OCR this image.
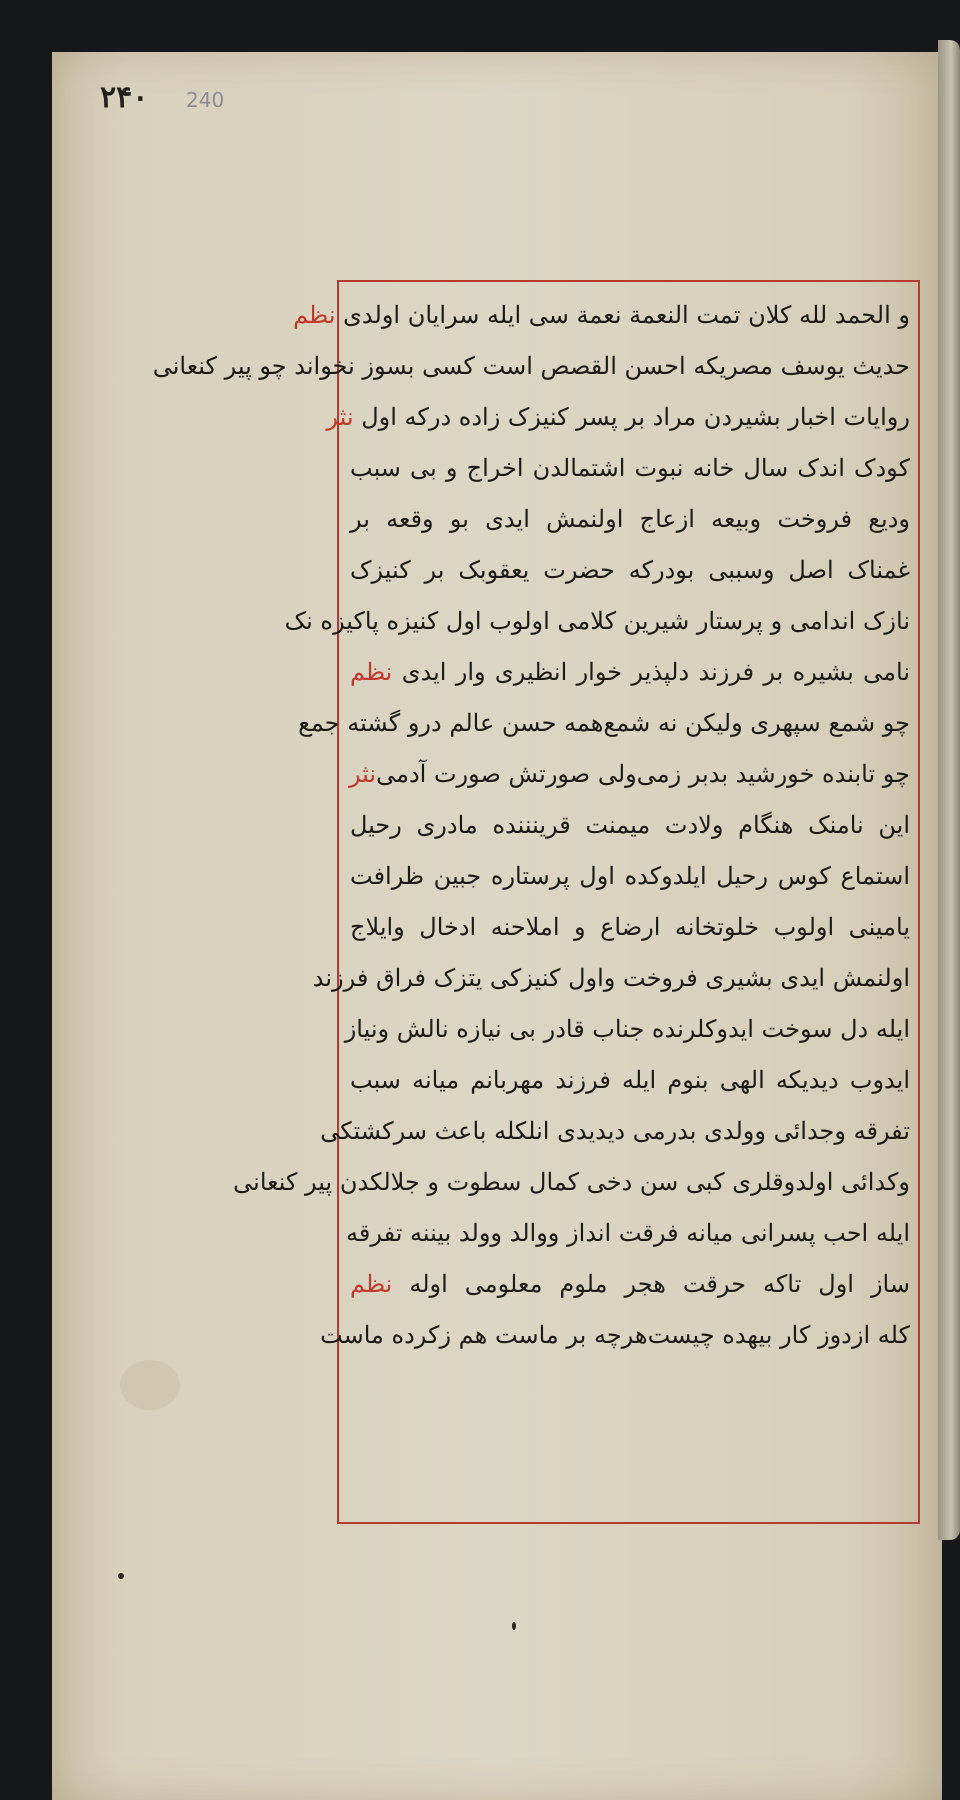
۲۴۰ 240
و الحمد لله كلان تمت النعمة نعمة سی ایله سرایان اولدی نظم
حدیث یوسف مصریکه احسن القصص است کسی بسوز نخواند چو پیر کنعانی
روایات اخبار بشیردن مراد بر پسر کنیزک زاده درکه اول نثر
کودک اندک سال خانه نبوت اشتمالدن اخراج و بی سبب
ودیع فروخت وبیعه ازعاج اولنمش ایدی بو وقعه بر
غمناک اصل وسببی بودرکه حضرت یعقوبک بر کنیزک
نازک اندامی و پرستار شیرین کلامی اولوب اول کنیزه پاکیزه نک
نامی بشیره بر فرزند دلپذیر خوار انظیری وار ایدی نظم
چو شمع سپهری ولیکن نه شمع
همه حسن عالم درو گشته جمع
چو تابنده خورشید بدبر زمی
ولی صورتش صورت آدمی
نثر
این نامنک هنگام ولادت میمنت قرینننده مادری رحیل
استماع کوس رحیل ایلدوکده اول پرستاره جبین ظرافت
یامینی اولوب خلوتخانه ارضاع و املاحنه ادخال وایلاج
اولنمش ایدی بشیری فروخت واول کنیزکی یتزک فراق فرزند
ایله دل سوخت ایدوکلرنده جناب قادر بی نیازه نالش ونیاز
ایدوب دیدیکه الهی بنوم ایله فرزند مهربانم میانه سبب
تفرقه وجدائی وولدی بدرمی دیدیدی انلکله باعث سرکشتکی
وکدائی اولدوقلری کبی سن دخی کمال سطوت و جلالکدن پیر کنعانی
ایله احب پسرانی میانه فرقت انداز ووالد وولد بیننه تفرقه
ساز اول تاکه حرقت هجر ملوم معلومی اوله نظم
کله ازدوز کار بیهده چیست
هرچه بر ماست هم زکرده ماست
